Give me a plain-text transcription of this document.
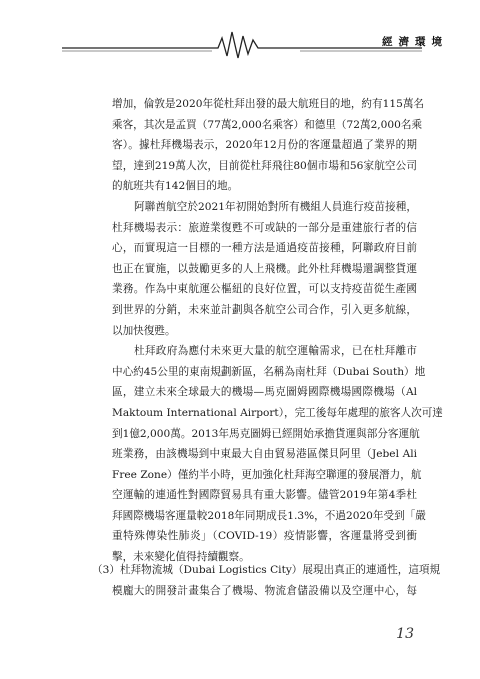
經濟環境

增加，倫敦是2020年從杜拜出發的最大航班目的地，約有115萬名
乘客，其次是孟買（77萬2,000名乘客）和德里（72萬2,000名乘
客）。據杜拜機場表示，2020年12月份的客運量超過了業界的期
望，達到219萬人次，目前從杜拜飛往80個市場和56家航空公司
的航班共有142個目的地。

阿聯酋航空於2021年初開始對所有機組人員進行疫苗接種，
杜拜機場表示：旅遊業復甦不可或缺的一部分是重建旅行者的信
心，而實現這一目標的一種方法是通過疫苗接種，阿聯政府目前
也正在實施，以鼓勵更多的人上飛機。此外杜拜機場還調整貨運
業務。作為中東航運公樞紐的良好位置，可以支持疫苗從生產國
到世界的分銷，未來並計劃與各航空公司合作，引入更多航線，
以加快復甦。

杜拜政府為應付未來更大量的航空運輸需求，已在杜拜離市
中心約45公里的東南規劃新區，名稱為南杜拜（Dubai South）地
區，建立未來全球最大的機場—馬克圖姆國際機場國際機場（Al
Maktoum International Airport），完工後每年處理的旅客人次可達
到1億2,000萬。2013年馬克圖姆已經開始承擔貨運與部分客運航
班業務，由該機場到中東最大自由貿易港區傑貝阿里（Jebel Ali
Free Zone）僅約半小時，更加強化杜拜海空聯運的發展潛力，航
空運輸的連通性對國際貿易具有重大影響。儘管2019年第4季杜
拜國際機場客運量較2018年同期成長1.3%，不過2020年受到「嚴
重特殊傳染性肺炎」（COVID-19）疫情影響，客運量將受到衝
擊，未來變化值得持續觀察。

（3）杜拜物流城（Dubai Logistics City）展現出真正的連通性，這項規
模龐大的開發計畫集合了機場、物流倉儲設備以及空運中心，每
13
